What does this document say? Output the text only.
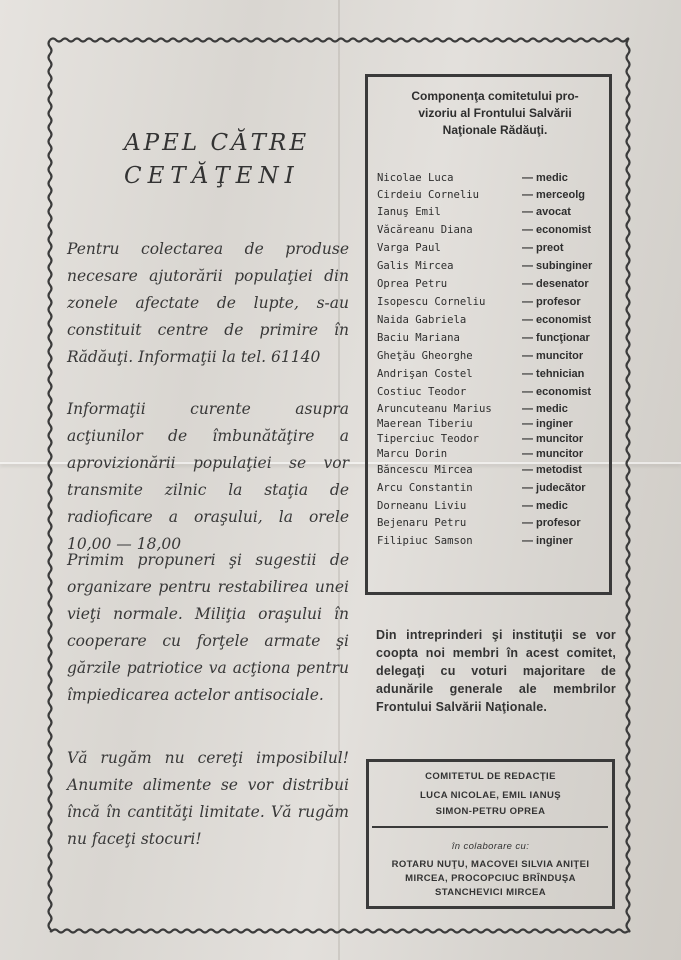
APEL CĂTRE
CETĂŢENI
Pentru colectarea de produse necesare ajutorării populaţiei din zonele afectate de lupte, s-au constituit centre de primire în Rădăuţi. Informaţii la tel. 61140
Informaţii curente asupra acţiunilor de îmbunătăţire a aprovizionării populaţiei se vor transmite zilnic la staţia de radioficare a oraşului, la orele 10,00 — 18,00
Primim propuneri şi sugestii de organizare pentru restabilirea unei vieţi normale. Miliţia oraşului în cooperare cu forţele armate şi gărzile patriotice va acţiona pentru împiedicarea actelor antisociale.
Vă rugăm nu cereţi imposibilul! Anumite alimente se vor distribui încă în cantităţi limitate. Vă rugăm nu faceţi stocuri!
Componenţa comitetului pro-
vizoriu al Frontului Salvării
Naţionale Rădăuţi.
Nicolae Luca	— medic
Cirdeiu Corneliu	— merceolg
Ianuş Emil	— avocat
Văcăreanu Diana	— economist
Varga Paul	— preot
Galis Mircea	— subinginer
Oprea Petru	— desenator
Isopescu Corneliu	— profesor
Naida Gabriela	— economist
Baciu Mariana	— funcţionar
Gheţău Gheorghe	— muncitor
Andrişan Costel	— tehnician
Costiuc Teodor	— economist
Aruncuteanu Marius	— medic
Maerean Tiberiu	— inginer
Tiperciuc Teodor	— muncitor
Marcu Dorin	— muncitor
Băncescu Mircea	— metodist
Arcu Constantin	— judecător
Dorneanu Liviu	— medic
Bejenaru Petru	— profesor
Filipiuc Samson	— inginer
Din intreprinderi şi instituţii se vor coopta noi membri în acest comitet, delegaţi cu voturi majoritare de adunările generale ale membrilor Frontului Salvării Naţionale.
COMITETUL DE REDACŢIE
LUCA NICOLAE, EMIL IANUŞ
SIMON-PETRU OPREA
în colaborare cu:
ROTARU NUŢU, MACOVEI SILVIA ANIŢEI
MIRCEA, PROCOPCIUC BRÎNDUŞA
STANCHEVICI MIRCEA
